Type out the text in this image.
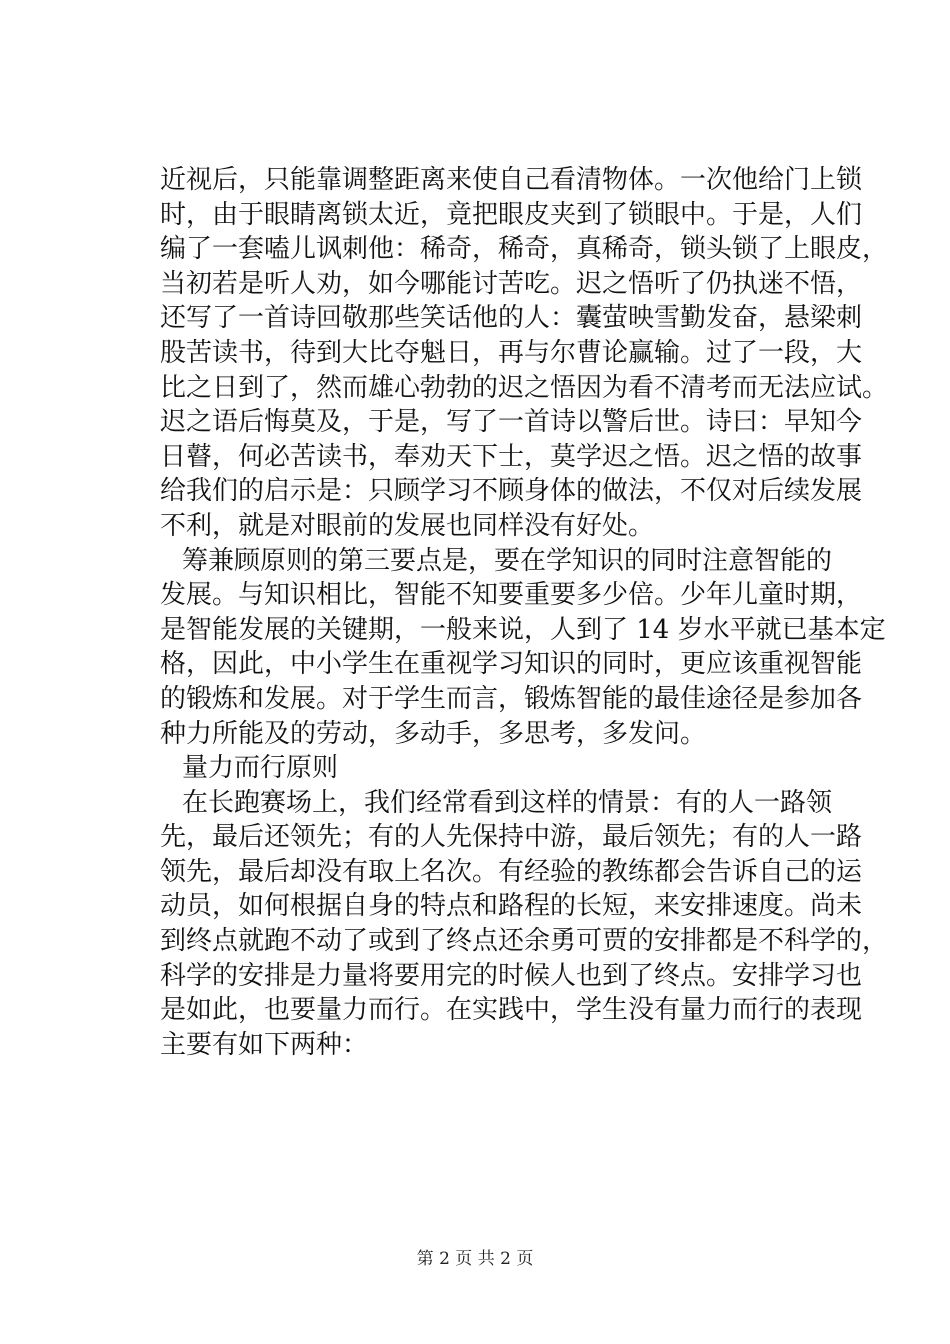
近视后，只能靠调整距离来使自己看清物体。一次他给门上锁
时，由于眼睛离锁太近，竟把眼皮夹到了锁眼中。于是，人们
编了一套嗑儿讽刺他：稀奇，稀奇，真稀奇，锁头锁了上眼皮，
当初若是听人劝，如今哪能讨苦吃。迟之悟听了仍执迷不悟，
还写了一首诗回敬那些笑话他的人：囊萤映雪勤发奋，悬梁刺
股苦读书，待到大比夺魁日，再与尔曹论赢输。过了一段，大
比之日到了，然而雄心勃勃的迟之悟因为看不清考而无法应试。
迟之语后悔莫及，于是，写了一首诗以警后世。诗曰：早知今
日瞽，何必苦读书，奉劝天下士，莫学迟之悟。迟之悟的故事
给我们的启示是：只顾学习不顾身体的做法，不仅对后续发展
不利，就是对眼前的发展也同样没有好处。
筹兼顾原则的第三要点是，要在学知识的同时注意智能的
发展。与知识相比，智能不知要重要多少倍。少年儿童时期，
是智能发展的关键期，一般来说，人到了 14 岁水平就已基本定
格，因此，中小学生在重视学习知识的同时，更应该重视智能
的锻炼和发展。对于学生而言，锻炼智能的最佳途径是参加各
种力所能及的劳动，多动手，多思考，多发问。
量力而行原则
在长跑赛场上，我们经常看到这样的情景：有的人一路领
先，最后还领先；有的人先保持中游，最后领先；有的人一路
领先，最后却没有取上名次。有经验的教练都会告诉自己的运
动员，如何根据自身的特点和路程的长短，来安排速度。尚未
到终点就跑不动了或到了终点还余勇可贾的安排都是不科学的，
科学的安排是力量将要用完的时候人也到了终点。安排学习也
是如此，也要量力而行。在实践中，学生没有量力而行的表现
主要有如下两种：
第 2 页 共 2 页
